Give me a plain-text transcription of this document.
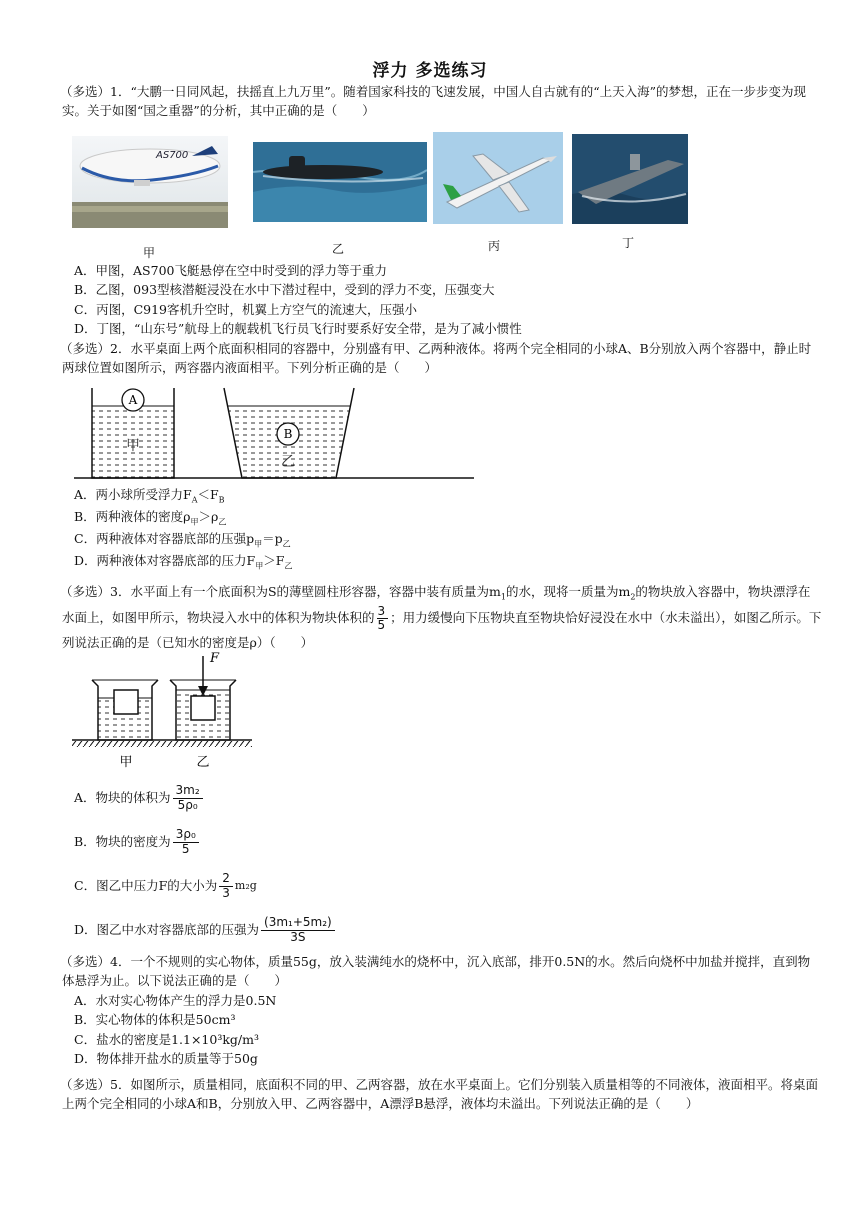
浮力 多选练习
（多选）1．“大鹏一日同风起，扶摇直上九万里”。随着国家科技的飞速发展，中国人自古就有的“上天入海”的梦想，正在一步步变为现实。关于如图“国之重器”的分析，其中正确的是（　　）
AS700
甲	乙	丙	丁
A．甲图，AS700飞艇悬停在空中时受到的浮力等于重力
B．乙图，093型核潜艇浸没在水中下潜过程中，受到的浮力不变，压强变大
C．丙图，C919客机升空时，机翼上方空气的流速大，压强小
D．丁图，“山东号”航母上的舰载机飞行员飞行时要系好安全带，是为了减小惯性
（多选）2．水平桌面上两个底面积相同的容器中，分别盛有甲、乙两种液体。将两个完全相同的小球A、B分别放入两个容器中，静止时两球位置如图所示，两容器内液面相平。下列分析正确的是（　　）
A
甲
B
乙
A．两小球所受浮力$F_A<F_B$
B．两种液体的密度$\rho_甲>\rho_乙$
C．两种液体对容器底部的压强$p_甲=p_乙$
D．两种液体对容器底部的压力$F_甲>F_乙$
（多选）3．水平面上有一个底面积为S的薄壁圆柱形容器，容器中装有质量为$m_1$的水，现将一质量为$m_2$的物块放入容器中，物块漂浮在水面上，如图甲所示，物块浸入水中的体积为物块体积的 $\frac{3}{5}$ ；用力缓慢向下压物块直至物块恰好浸没在水中（水未溢出），如图乙所示。下列说法正确的是（已知水的密度是ρ）（　　）
F
甲	乙
A．物块的体积为 $\frac{\text{3m₂}}{\text{5ρ₀}}$
B．物块的密度为 $\frac{\text{3ρ₀}}{5}$
C．图乙中压力F的大小为 $\frac{2}{3} m_2g$
D．图乙中水对容器底部的压强为 $\frac{\text{(3m₁+5m₂)}}{3S}$
（多选）4．一个不规则的实心物体，质量55g，放入装满纯水的烧杯中，沉入底部，排开0.5N的水。然后向烧杯中加盐并搅拌，直到物体悬浮为止。以下说法正确的是（　　）
A．水对实心物体产生的浮力是0.5N
B．实心物体的体积是50cm³
C．盐水的密度是1.1×10³kg/m³
D．物体排开盐水的质量等于50g
（多选）5．如图所示，质量相同，底面积不同的甲、乙两容器，放在水平桌面上。它们分别装入质量相等的不同液体，液面相平。将桌面上两个完全相同的小球A和B，分别放入甲、乙两容器中，A漂浮B悬浮，液体均未溢出。下列说法正确的是（　　）
